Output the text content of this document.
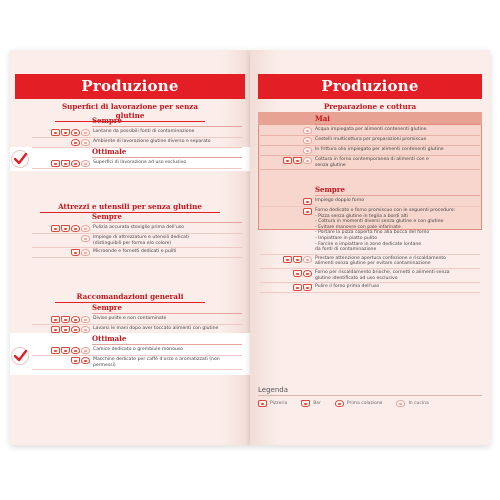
Produzione
Superfici di lavorazione per senza glutine
Sempre
Lontane da possibili fonti di contaminazione
Ambiente di lavorazione glutine diverso e separato
Ottimale
Superfici di lavorazione ad uso esclusivo
Attrezzi e utensili per senza glutine
Sempre
Pulizia accurata stoviglie prima dell'uso
Impiego di attrezzature e utensili dedicati
(distinguibili per forma e/o colore)
Microonde e fornetti dedicati e puliti
Raccomandazioni generali
Sempre
Divise pulite e non contaminate
Lavarsi le mani dopo aver toccato alimenti con glutine
Ottimale
Camice dedicato o grembiule monouso
Macchine dedicate per caffè d'orzo e aromatizzati (non
permessi)
Produzione
Preparazione e cottura
Mai
Acqua impiegata per alimenti contenenti glutine
Cestelli multicottura per preparazioni promiscue
In frittura olio impiegato per alimenti contenenti glutine
Cottura in forno contemporanea di alimenti con e
senza glutine
Sempre
Impiego doppio forno
Forno dedicato o forno promiscuo con le seguenti procedure:
- Pizza senza glutine in teglia a bordi alti
- Cottura in momenti diversi senza glutine e con glutine
- Evitare manovre con pale infarinate
- Portare la pizza coperta fino alla bocca del forno
- Impiattare in piatto pulito
- Farcire e impiattare in zone dedicate lontane
da fonti di contaminazione
Prestare attenzione apertura confezione e riscaldamento
alimenti senza glutine per evitare contaminazione
Forno per riscaldamento brioche, cornetti o alimenti senza
glutine identificato ad uso esclusivo
Pulire il forno prima dell'uso
Legenda
Pizzeria	Bar	Prima colazione	In cucina
